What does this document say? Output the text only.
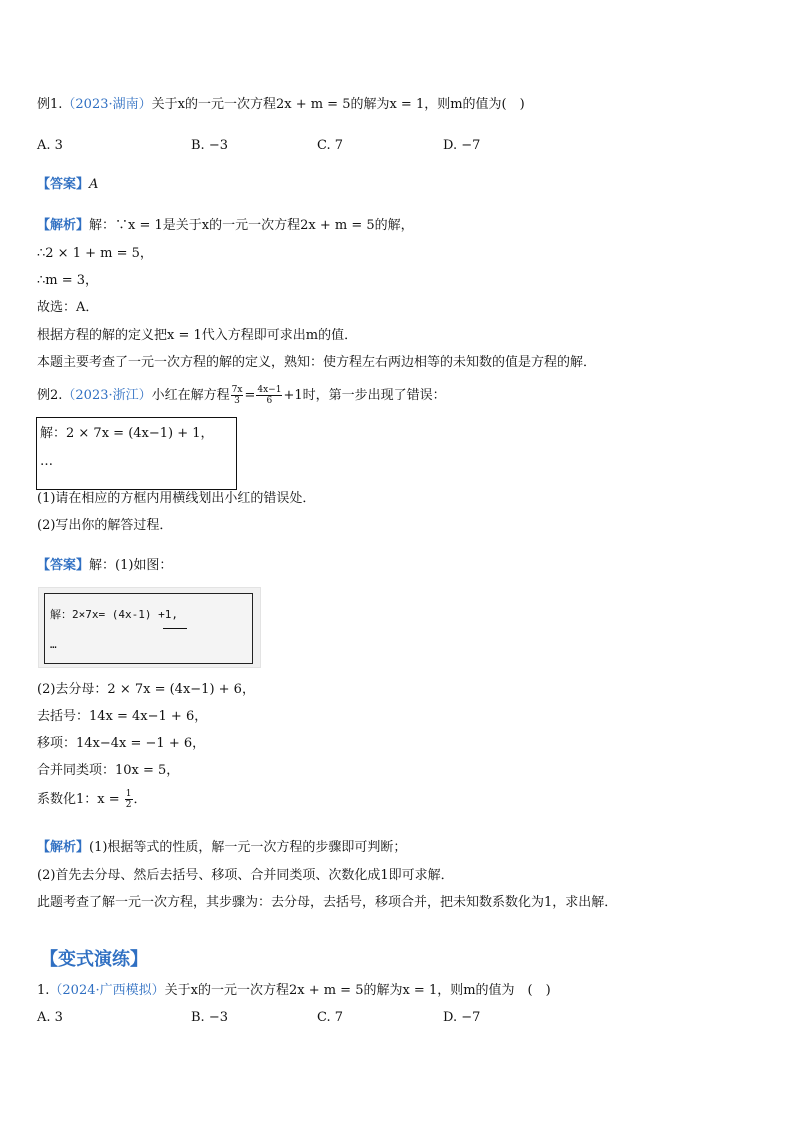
例1.（2023·湖南）关于x的一元一次方程2x + m = 5的解为x = 1，则m的值为(　)
A. 3	B. −3	C. 7	D. −7
【答案】A
【解析】解：∵x = 1是关于x的一元一次方程2x + m = 5的解，
∴2 × 1 + m = 5，
∴m = 3，
故选：A．
根据方程的解的定义把x = 1代入方程即可求出m的值．
本题主要考查了一元一次方程的解的定义，熟知：使方程左右两边相等的未知数的值是方程的解．
例2.（2023·浙江）小红在解方程 $\frac{7x}{3} = \frac{4x-1}{6} +1$时，第一步出现了错误：
解：2 × 7x = (4x−1) + 1，
…
(1)请在相应的方框内用横线划出小红的错误处．
(2)写出你的解答过程．
【答案】解：(1)如图：
解：2×7x= (4x-1) +1,
…
(2)去分母：2 × 7x = (4x−1) + 6，
去括号：14x = 4x−1 + 6，
移项：14x−4x = −1 + 6，
合并同类项：10x = 5，
系数化1：$x = \frac{1}{2}$ ．
【解析】(1)根据等式的性质，解一元一次方程的步骤即可判断；
(2)首先去分母、然后去括号、移项、合并同类项、次数化成1即可求解．
此题考查了解一元一次方程，其步骤为：去分母，去括号，移项合并，把未知数系数化为1，求出解．
【变式演练】
1.（2024·广西模拟）关于x的一元一次方程2x + m = 5的解为x = 1，则m的值为　(　)
A. 3	B. −3	C. 7	D. −7
